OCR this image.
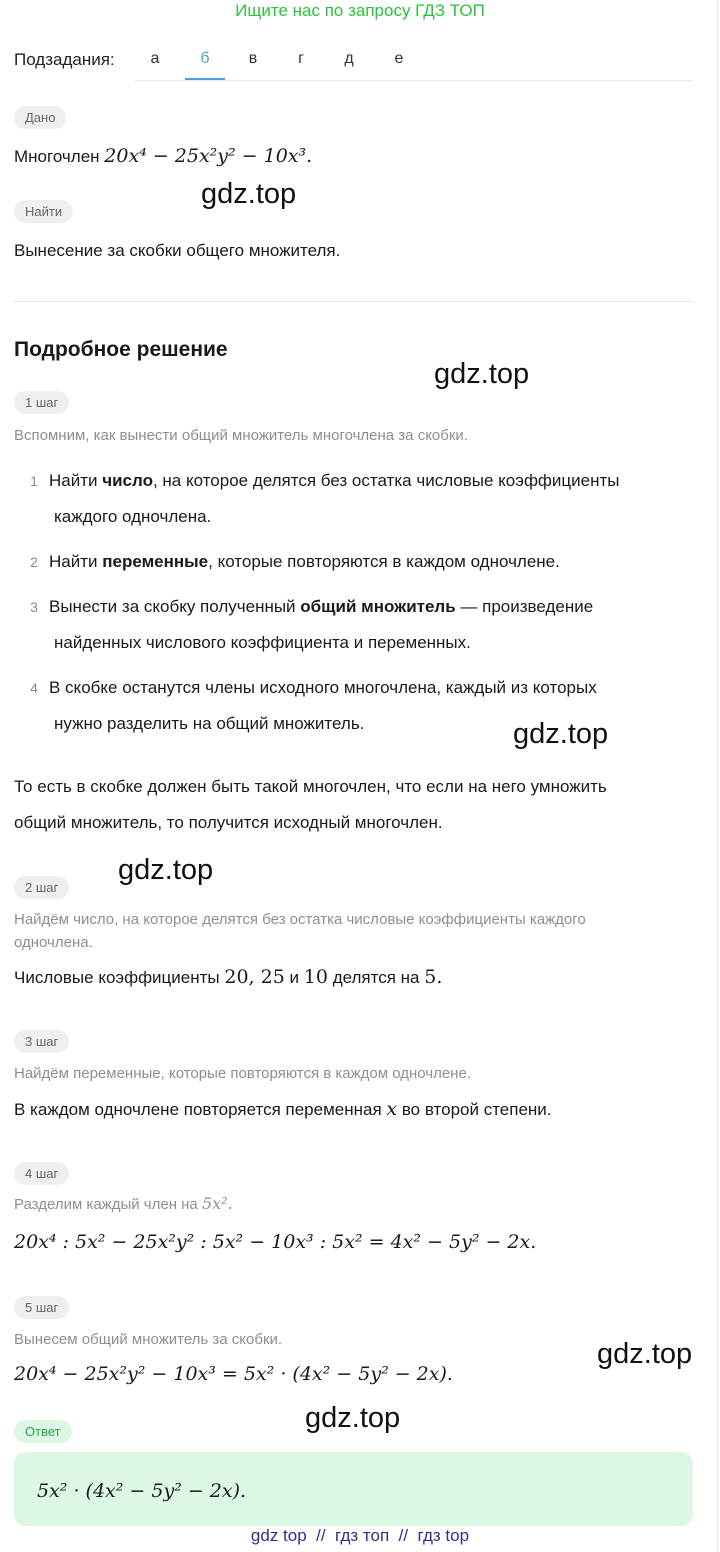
Ищите нас по запросу ГДЗ ТОП
Подзадания:	а	б	в	г	д	е
Дано
Многочлен 20x⁴ − 25x²y² − 10x³.
gdz.top
Найти
Вынесение за скобки общего множителя.
Подробное решение
gdz.top
1 шаг
Вспомним, как вынести общий множитель многочлена за скобки.
1 Найти число, на которое делятся без остатка числовые коэффициенты
каждого одночлена.
2 Найти переменные, которые повторяются в каждом одночлене.
3 Вынести за скобку полученный общий множитель — произведение
найденных числового коэффициента и переменных.
4 В скобке останутся члены исходного многочлена, каждый из которых
нужно разделить на общий множитель.	gdz.top
То есть в скобке должен быть такой многочлен, что если на него умножить
общий множитель, то получится исходный многочлен.
gdz.top
2 шаг
Найдём число, на которое делятся без остатка числовые коэффициенты каждого
одночлена.
Числовые коэффициенты 20, 25 и 10 делятся на 5.
3 шаг
Найдём переменные, которые повторяются в каждом одночлене.
В каждом одночлене повторяется переменная x во второй степени.
4 шаг
Разделим каждый член на 5x².
20x⁴ : 5x² − 25x²y² : 5x² − 10x³ : 5x² = 4x² − 5y² − 2x.
5 шаг
Вынесем общий множитель за скобки.	gdz.top
20x⁴ − 25x²y² − 10x³ = 5x² · (4x² − 5y² − 2x).
gdz.top
Ответ
5x² · (4x² − 5y² − 2x).
gdz top // гдз топ // гдз top
